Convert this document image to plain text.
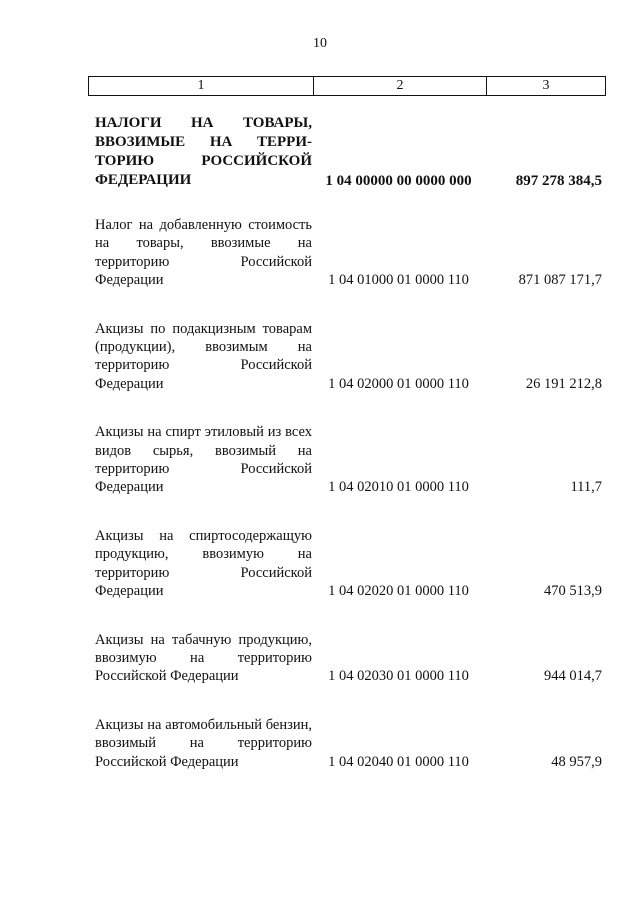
10
1	2	3
НАЛОГИ НА ТОВАРЫ, ВВОЗИМЫЕ НА ТЕРРИ-ТОРИЮ РОССИЙСКОЙ ФЕДЕРАЦИИ	1 04 00000 00 0000 000	897 278 384,5
Налог на добавленную стоимость на товары, ввозимые на территорию Российской Федерации	1 04 01000 01 0000 110	871 087 171,7
Акцизы по подакцизным товарам (продукции), ввозимым на территорию Российской Федерации	1 04 02000 01 0000 110	26 191 212,8
Акцизы на спирт этиловый из всех видов сырья, ввозимый на территорию Российской Федерации	1 04 02010 01 0000 110	111,7
Акцизы на спиртосодержащую продукцию, ввозимую на территорию Российской Федерации	1 04 02020 01 0000 110	470 513,9
Акцизы на табачную продукцию, ввозимую на территорию Российской Федерации	1 04 02030 01 0000 110	944 014,7
Акцизы на автомобильный бензин, ввозимый на территорию Российской Федерации	1 04 02040 01 0000 110	48 957,9
